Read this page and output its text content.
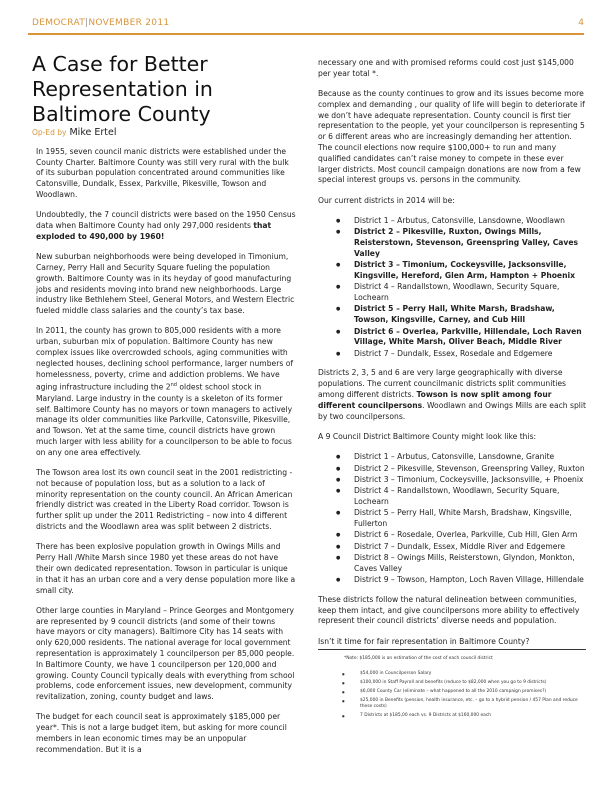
DEMOCRAT|NOVEMBER 2011	4
A Case for Better Representation in Baltimore County
Op-Ed by Mike Ertel

In 1955, seven council manic districts were established under the County Charter. Baltimore County was still very rural with the bulk of its suburban population concentrated around communities like Catonsville, Dundalk, Essex, Parkville, Pikesville, Towson and Woodlawn.

Undoubtedly, the 7 council districts were based on the 1950 Census data when Baltimore County had only 297,000 residents that exploded to 490,000 by 1960!

New suburban neighborhoods were being developed in Timonium, Carney, Perry Hall and Security Square fueling the population growth. Baltimore County was in its heyday of good manufacturing jobs and residents moving into brand new neighborhoods. Large industry like Bethlehem Steel, General Motors, and Western Electric fueled middle class salaries and the county’s tax base.

In 2011, the county has grown to 805,000 residents with a more urban, suburban mix of population. Baltimore County has new complex issues like overcrowded schools, aging communities with neglected houses, declining school performance, larger numbers of homelessness, poverty, crime and addiction problems. We have aging infrastructure including the 2nd oldest school stock in Maryland. Large industry in the county is a skeleton of its former self. Baltimore County has no mayors or town managers to actively manage its older communities like Parkville, Catonsville, Pikesville, and Towson. Yet at the same time, council districts have grown much larger with less ability for a councilperson to be able to focus on any one area effectively.

The Towson area lost its own council seat in the 2001 redistricting - not because of population loss, but as a solution to a lack of minority representation on the county council. An African American friendly district was created in the Liberty Road corridor. Towson is further split up under the 2011 Redistricting – now into 4 different districts and the Woodlawn area was split between 2 districts.

There has been explosive population growth in Owings Mills and Perry Hall /White Marsh since 1980 yet these areas do not have their own dedicated representation. Towson in particular is unique in that it has an urban core and a very dense population more like a small city.

Other large counties in Maryland – Prince Georges and Montgomery are represented by 9 council districts (and some of their towns have mayors or city managers). Baltimore City has 14 seats with only 620,000 residents. The national average for local government representation is approximately 1 councilperson per 85,000 people. In Baltimore County, we have 1 councilperson per 120,000 and growing. County Council typically deals with everything from school problems, code enforcement issues, new development, community revitalization, zoning, county budget and laws.

The budget for each council seat is approximately $185,000 per year*. This is not a large budget item, but asking for more council members in lean economic times may be an unpopular recommendation. But it is a

necessary one and with promised reforms could cost just $145,000 per year total *.

Because as the county continues to grow and its issues become more complex and demanding , our quality of life will begin to deteriorate if we don’t have adequate representation. County council is first tier representation to the people, yet your councilperson is representing 5 or 6 different areas who are increasingly demanding her attention. The council elections now require $100,000+ to run and many qualified candidates can’t raise money to compete in these ever larger districts. Most council campaign donations are now from a few special interest groups vs. persons in the community.

Our current districts in 2014 will be:

● District 1 – Arbutus, Catonsville, Lansdowne, Woodlawn
● District 2 – Pikesville, Ruxton, Owings Mills, Reisterstown, Stevenson, Greenspring Valley, Caves Valley
● District 3 – Timonium, Cockeysville, Jacksonsville, Kingsville, Hereford, Glen Arm, Hampton + Phoenix
● District 4 – Randallstown, Woodlawn, Security Square, Lochearn
● District 5 – Perry Hall, White Marsh, Bradshaw, Towson, Kingsville, Carney, and Cub Hill
● District 6 – Overlea, Parkville, Hillendale, Loch Raven Village, White Marsh, Oliver Beach, Middle River
● District 7 – Dundalk, Essex, Rosedale and Edgemere

Districts 2, 3, 5 and 6 are very large geographically with diverse populations. The current councilmanic districts split communities among different districts. Towson is now split among four different councilpersons. Woodlawn and Owings Mills are each split by two councilpersons.

A 9 Council District Baltimore County might look like this:

● District 1 – Arbutus, Catonsville, Lansdowne, Granite
● District 2 – Pikesville, Stevenson, Greenspring Valley, Ruxton
● District 3 – Timonium, Cockeysville, Jacksonsville, + Phoenix
● District 4 – Randallstown, Woodlawn, Security Square, Lochearn
● District 5 – Perry Hall, White Marsh, Bradshaw, Kingsville, Fullerton
● District 6 – Rosedale, Overlea, Parkville, Cub Hill, Glen Arm
● District 7 – Dundalk, Essex, Middle River and Edgemere
● District 8 – Owings Mills, Reisterstown, Glyndon, Monkton, Caves Valley
● District 9 – Towson, Hampton, Loch Raven Village, Hillendale

These districts follow the natural delineation between communities, keep them intact, and give councilpersons more ability to effectively represent their council districts’ diverse needs and population.

Isn’t it time for fair representation in Baltimore County?
*Note: $185,000 is an estimation of the cost of each council district
● $54,000 in Councilperson Salary
● $100,000 in Staff Payroll and benefits (reduce to $82,000 when you go to 9 districts)
● $6,000 County Car (eliminate – what happened to all the 2010 campaign promises?)
● $25,000 in Benefits (pension, health insurance, etc. – go to a hybrid pension / 457 Plan and reduce these costs)
● 7 Districts at $185,00 each vs. 9 Districts at $160,000 each
